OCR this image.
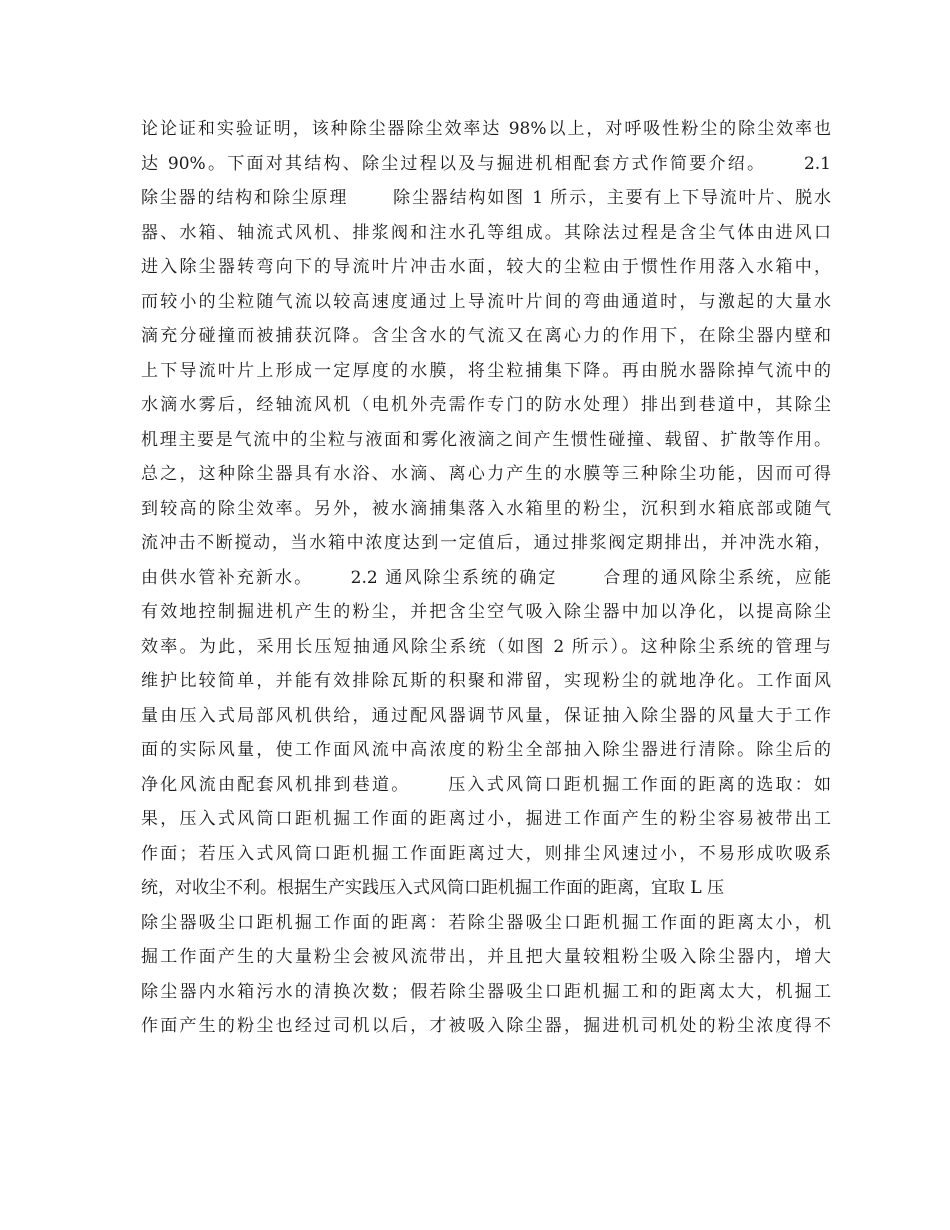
论论证和实验证明，该种除尘器除尘效率达 98%以上，对呼吸性粉尘的除尘效率也
达 90%。下面对其结构、除尘过程以及与掘进机相配套方式作简要介绍。　　 2.1
除尘器的结构和除尘原理　　 除尘器结构如图 1 所示，主要有上下导流叶片、脱水
器、水箱、轴流式风机、排浆阀和注水孔等组成。其除法过程是含尘气体由进风口
进入除尘器转弯向下的导流叶片冲击水面，较大的尘粒由于惯性作用落入水箱中，
而较小的尘粒随气流以较高速度通过上导流叶片间的弯曲通道时，与激起的大量水
滴充分碰撞而被捕获沉降。含尘含水的气流又在离心力的作用下，在除尘器内壁和
上下导流叶片上形成一定厚度的水膜，将尘粒捕集下降。再由脱水器除掉气流中的
水滴水雾后，经轴流风机（电机外壳需作专门的防水处理）排出到巷道中，其除尘
机理主要是气流中的尘粒与液面和雾化液滴之间产生惯性碰撞、载留、扩散等作用。
总之，这种除尘器具有水浴、水滴、离心力产生的水膜等三种除尘功能，因而可得
到较高的除尘效率。另外，被水滴捕集落入水箱里的粉尘，沉积到水箱底部或随气
流冲击不断搅动，当水箱中浓度达到一定值后，通过排浆阀定期排出，并冲洗水箱，
由供水管补充新水。　　 2.2 通风除尘系统的确定　　 合理的通风除尘系统，应能
有效地控制掘进机产生的粉尘，并把含尘空气吸入除尘器中加以净化，以提高除尘
效率。为此，采用长压短抽通风除尘系统（如图 2 所示）。这种除尘系统的管理与
维护比较简单，并能有效排除瓦斯的积聚和滞留，实现粉尘的就地净化。工作面风
量由压入式局部风机供给，通过配风器调节风量，保证抽入除尘器的风量大于工作
面的实际风量，使工作面风流中高浓度的粉尘全部抽入除尘器进行清除。除尘后的
净化风流由配套风机排到巷道。　　 压入式风筒口距机掘工作面的距离的选取：如
果，压入式风筒口距机掘工作面的距离过小，掘进工作面产生的粉尘容易被带出工
作面；若压入式风筒口距机掘工作面距离过大，则排尘风速过小，不易形成吹吸系
统，对收尘不利。根据生产实践压入式风筒口距机掘工作面的距离，宜取 L 压
除尘器吸尘口距机掘工作面的距离：若除尘器吸尘口距机掘工作面的距离太小，机
掘工作面产生的大量粉尘会被风流带出，并且把大量较粗粉尘吸入除尘器内，增大
除尘器内水箱污水的清换次数；假若除尘器吸尘口距机掘工和的距离太大，机掘工
作面产生的粉尘也经过司机以后，才被吸入除尘器，掘进机司机处的粉尘浓度得不
